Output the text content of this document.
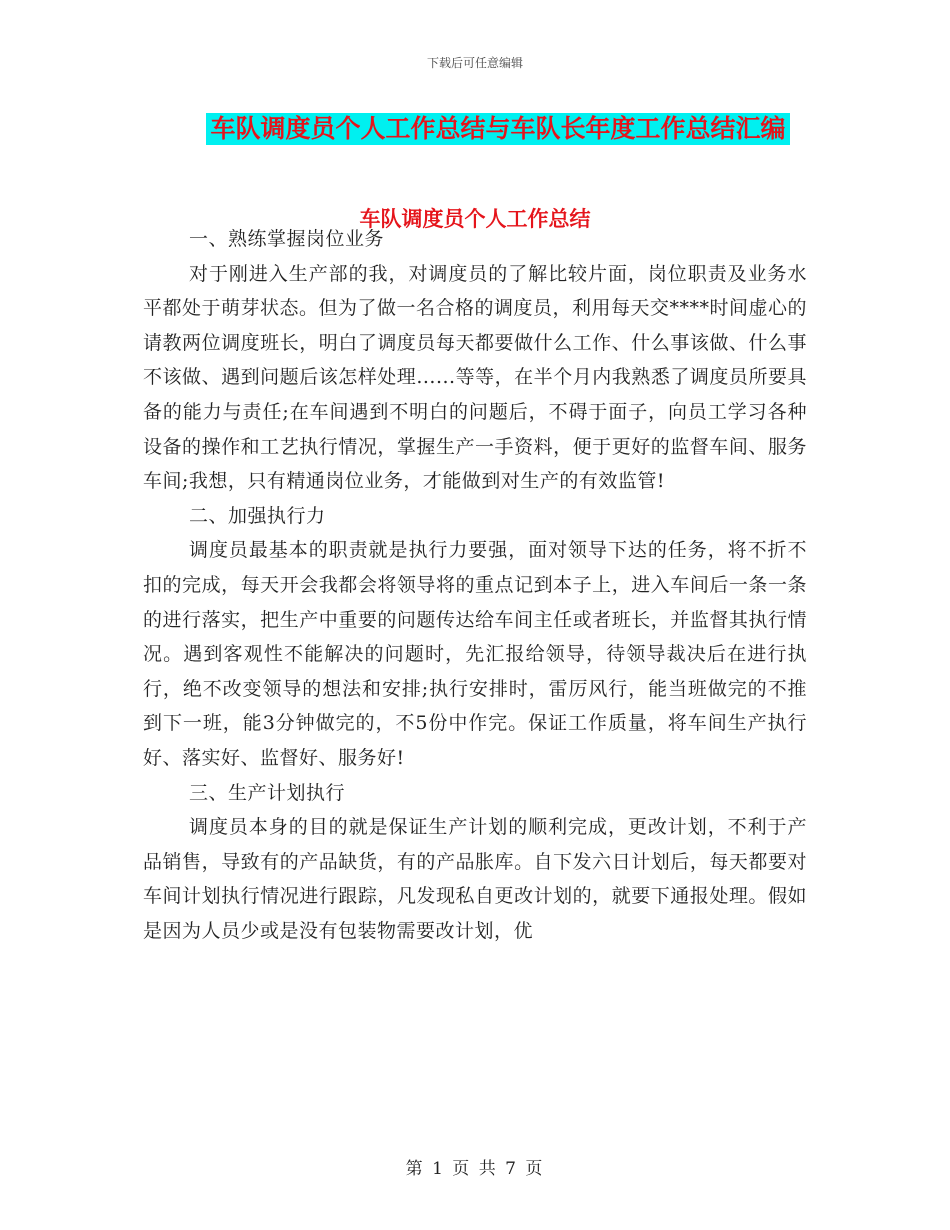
下载后可任意编辑
车队调度员个人工作总结与车队长年度工作总结汇编
车队调度员个人工作总结

一、熟练掌握岗位业务

对于刚进入生产部的我，对调度员的了解比较片面，岗位职责及业务水平都处于萌芽状态。但为了做一名合格的调度员，利用每天交****时间虚心的请教两位调度班长，明白了调度员每天都要做什么工作、什么事该做、什么事不该做、遇到问题后该怎样处理......等等，在半个月内我熟悉了调度员所要具备的能力与责任;在车间遇到不明白的问题后，不碍于面子，向员工学习各种设备的操作和工艺执行情况，掌握生产一手资料，便于更好的监督车间、服务车间;我想，只有精通岗位业务，才能做到对生产的有效监管!

二、加强执行力

调度员最基本的职责就是执行力要强，面对领导下达的任务，将不折不扣的完成，每天开会我都会将领导将的重点记到本子上，进入车间后一条一条的进行落实，把生产中重要的问题传达给车间主任或者班长，并监督其执行情况。遇到客观性不能解决的问题时，先汇报给领导，待领导裁决后在进行执行，绝不改变领导的想法和安排;执行安排时，雷厉风行，能当班做完的不推到下一班，能3分钟做完的，不5份中作完。保证工作质量，将车间生产执行好、落实好、监督好、服务好!

三、生产计划执行

调度员本身的目的就是保证生产计划的顺利完成，更改计划，不利于产品销售，导致有的产品缺货，有的产品胀库。自下发六日计划后，每天都要对车间计划执行情况进行跟踪，凡发现私自更改计划的，就要下通报处理。假如是因为人员少或是没有包装物需要改计划，优

第 1 页 共 7 页
